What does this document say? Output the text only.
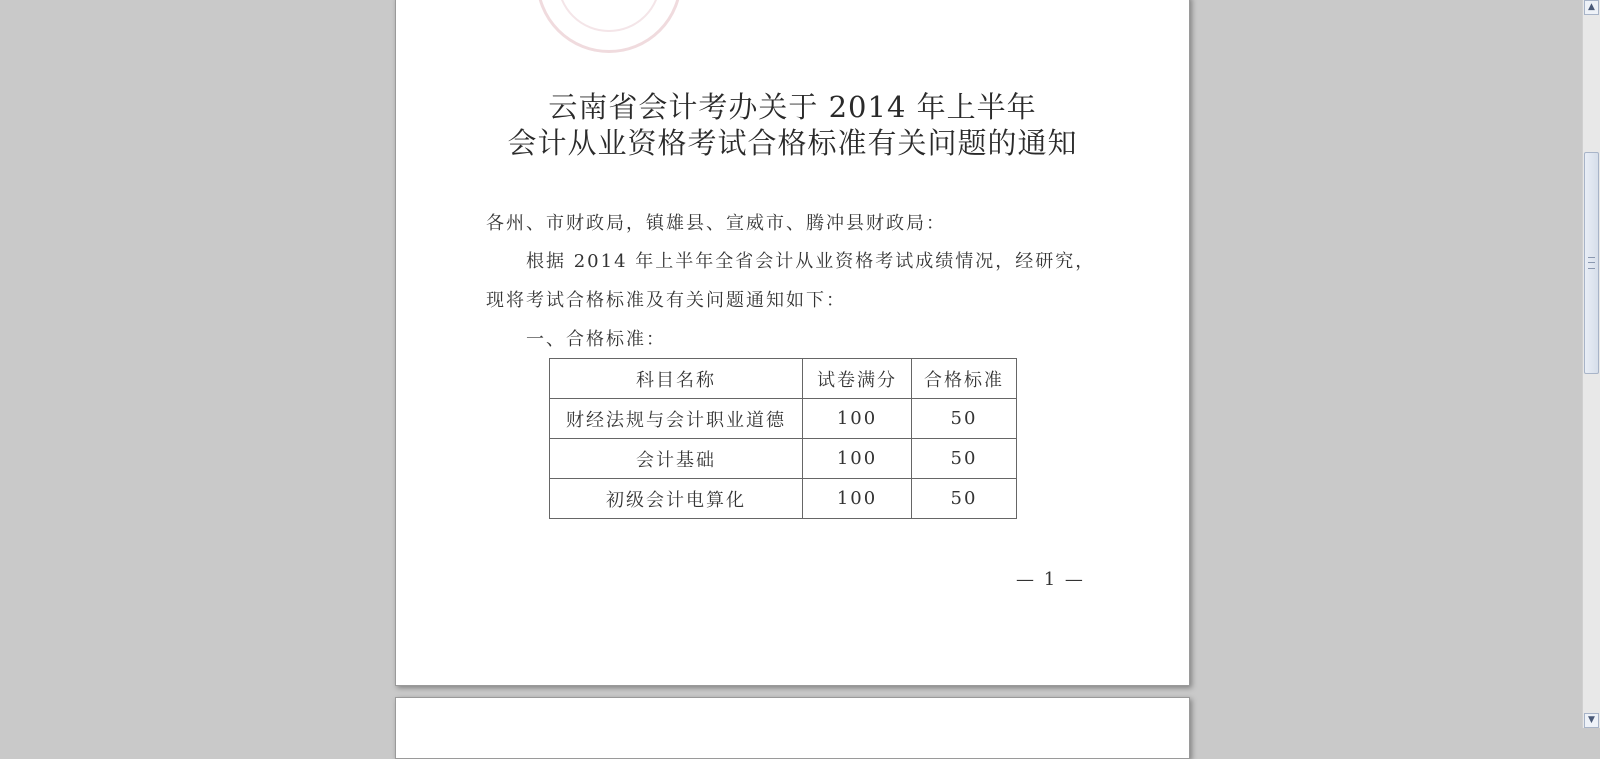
云南省会计考办关于 2014 年上半年
会计从业资格考试合格标准有关问题的通知

各州、市财政局，镇雄县、宣威市、腾冲县财政局：

根据 2014 年上半年全省会计从业资格考试成绩情况，经研究，

现将考试合格标准及有关问题通知如下：

一、合格标准：

科目名称	试卷满分	合格标准
财经法规与会计职业道德	100	50
会计基础	100	50
初级会计电算化	100	50
— 1 —
▲
▼
